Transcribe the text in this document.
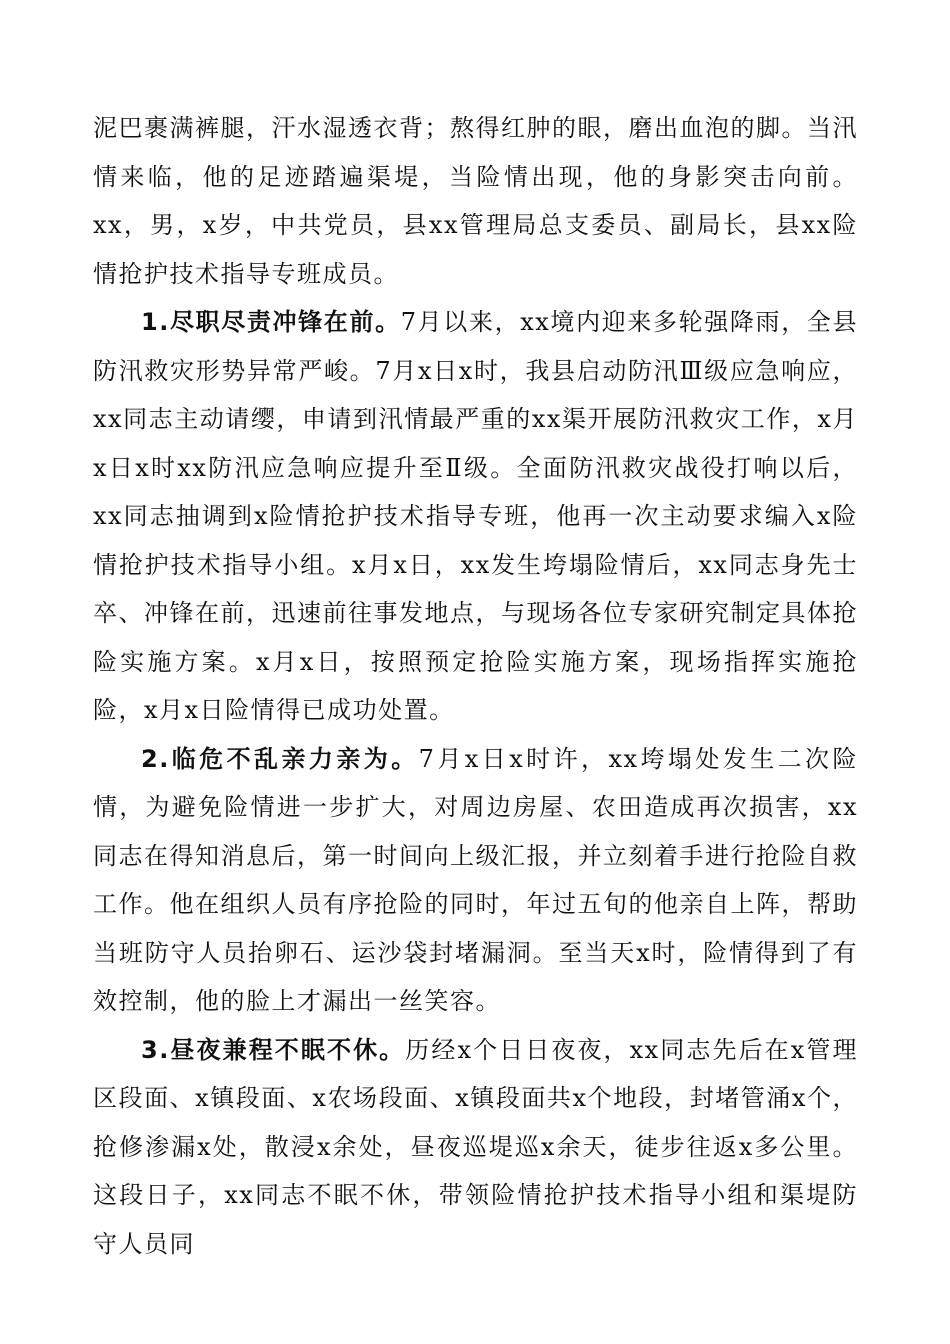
泥巴裹满裤腿，汗水湿透衣背；熬得红肿的眼，磨出血泡的脚。当汛情来临，他的足迹踏遍渠堤，当险情出现，他的身影突击向前。xx，男，x岁，中共党员，县xx管理局总支委员、副局长，县xx险情抢护技术指导专班成员。

1.尽职尽责冲锋在前。7月以来，xx境内迎来多轮强降雨，全县防汛救灾形势异常严峻。7月x日x时，我县启动防汛Ⅲ级应急响应，xx同志主动请缨，申请到汛情最严重的xx渠开展防汛救灾工作，x月x日x时xx防汛应急响应提升至Ⅱ级。全面防汛救灾战役打响以后，xx同志抽调到x险情抢护技术指导专班，他再一次主动要求编入x险情抢护技术指导小组。x月x日，xx发生垮塌险情后，xx同志身先士卒、冲锋在前，迅速前往事发地点，与现场各位专家研究制定具体抢险实施方案。x月x日，按照预定抢险实施方案，现场指挥实施抢险，x月x日险情得已成功处置。

2.临危不乱亲力亲为。7月x日x时许，xx垮塌处发生二次险情，为避免险情进一步扩大，对周边房屋、农田造成再次损害，xx同志在得知消息后，第一时间向上级汇报，并立刻着手进行抢险自救工作。他在组织人员有序抢险的同时，年过五旬的他亲自上阵，帮助当班防守人员抬卵石、运沙袋封堵漏洞。至当天x时，险情得到了有效控制，他的脸上才漏出一丝笑容。

3.昼夜兼程不眠不休。历经x个日日夜夜，xx同志先后在x管理区段面、x镇段面、x农场段面、x镇段面共x个地段，封堵管涌x个，抢修渗漏x处，散浸x余处，昼夜巡堤巡x余天，徒步往返x多公里。这段日子，xx同志不眠不休，带领险情抢护技术指导小组和渠堤防守人员同
